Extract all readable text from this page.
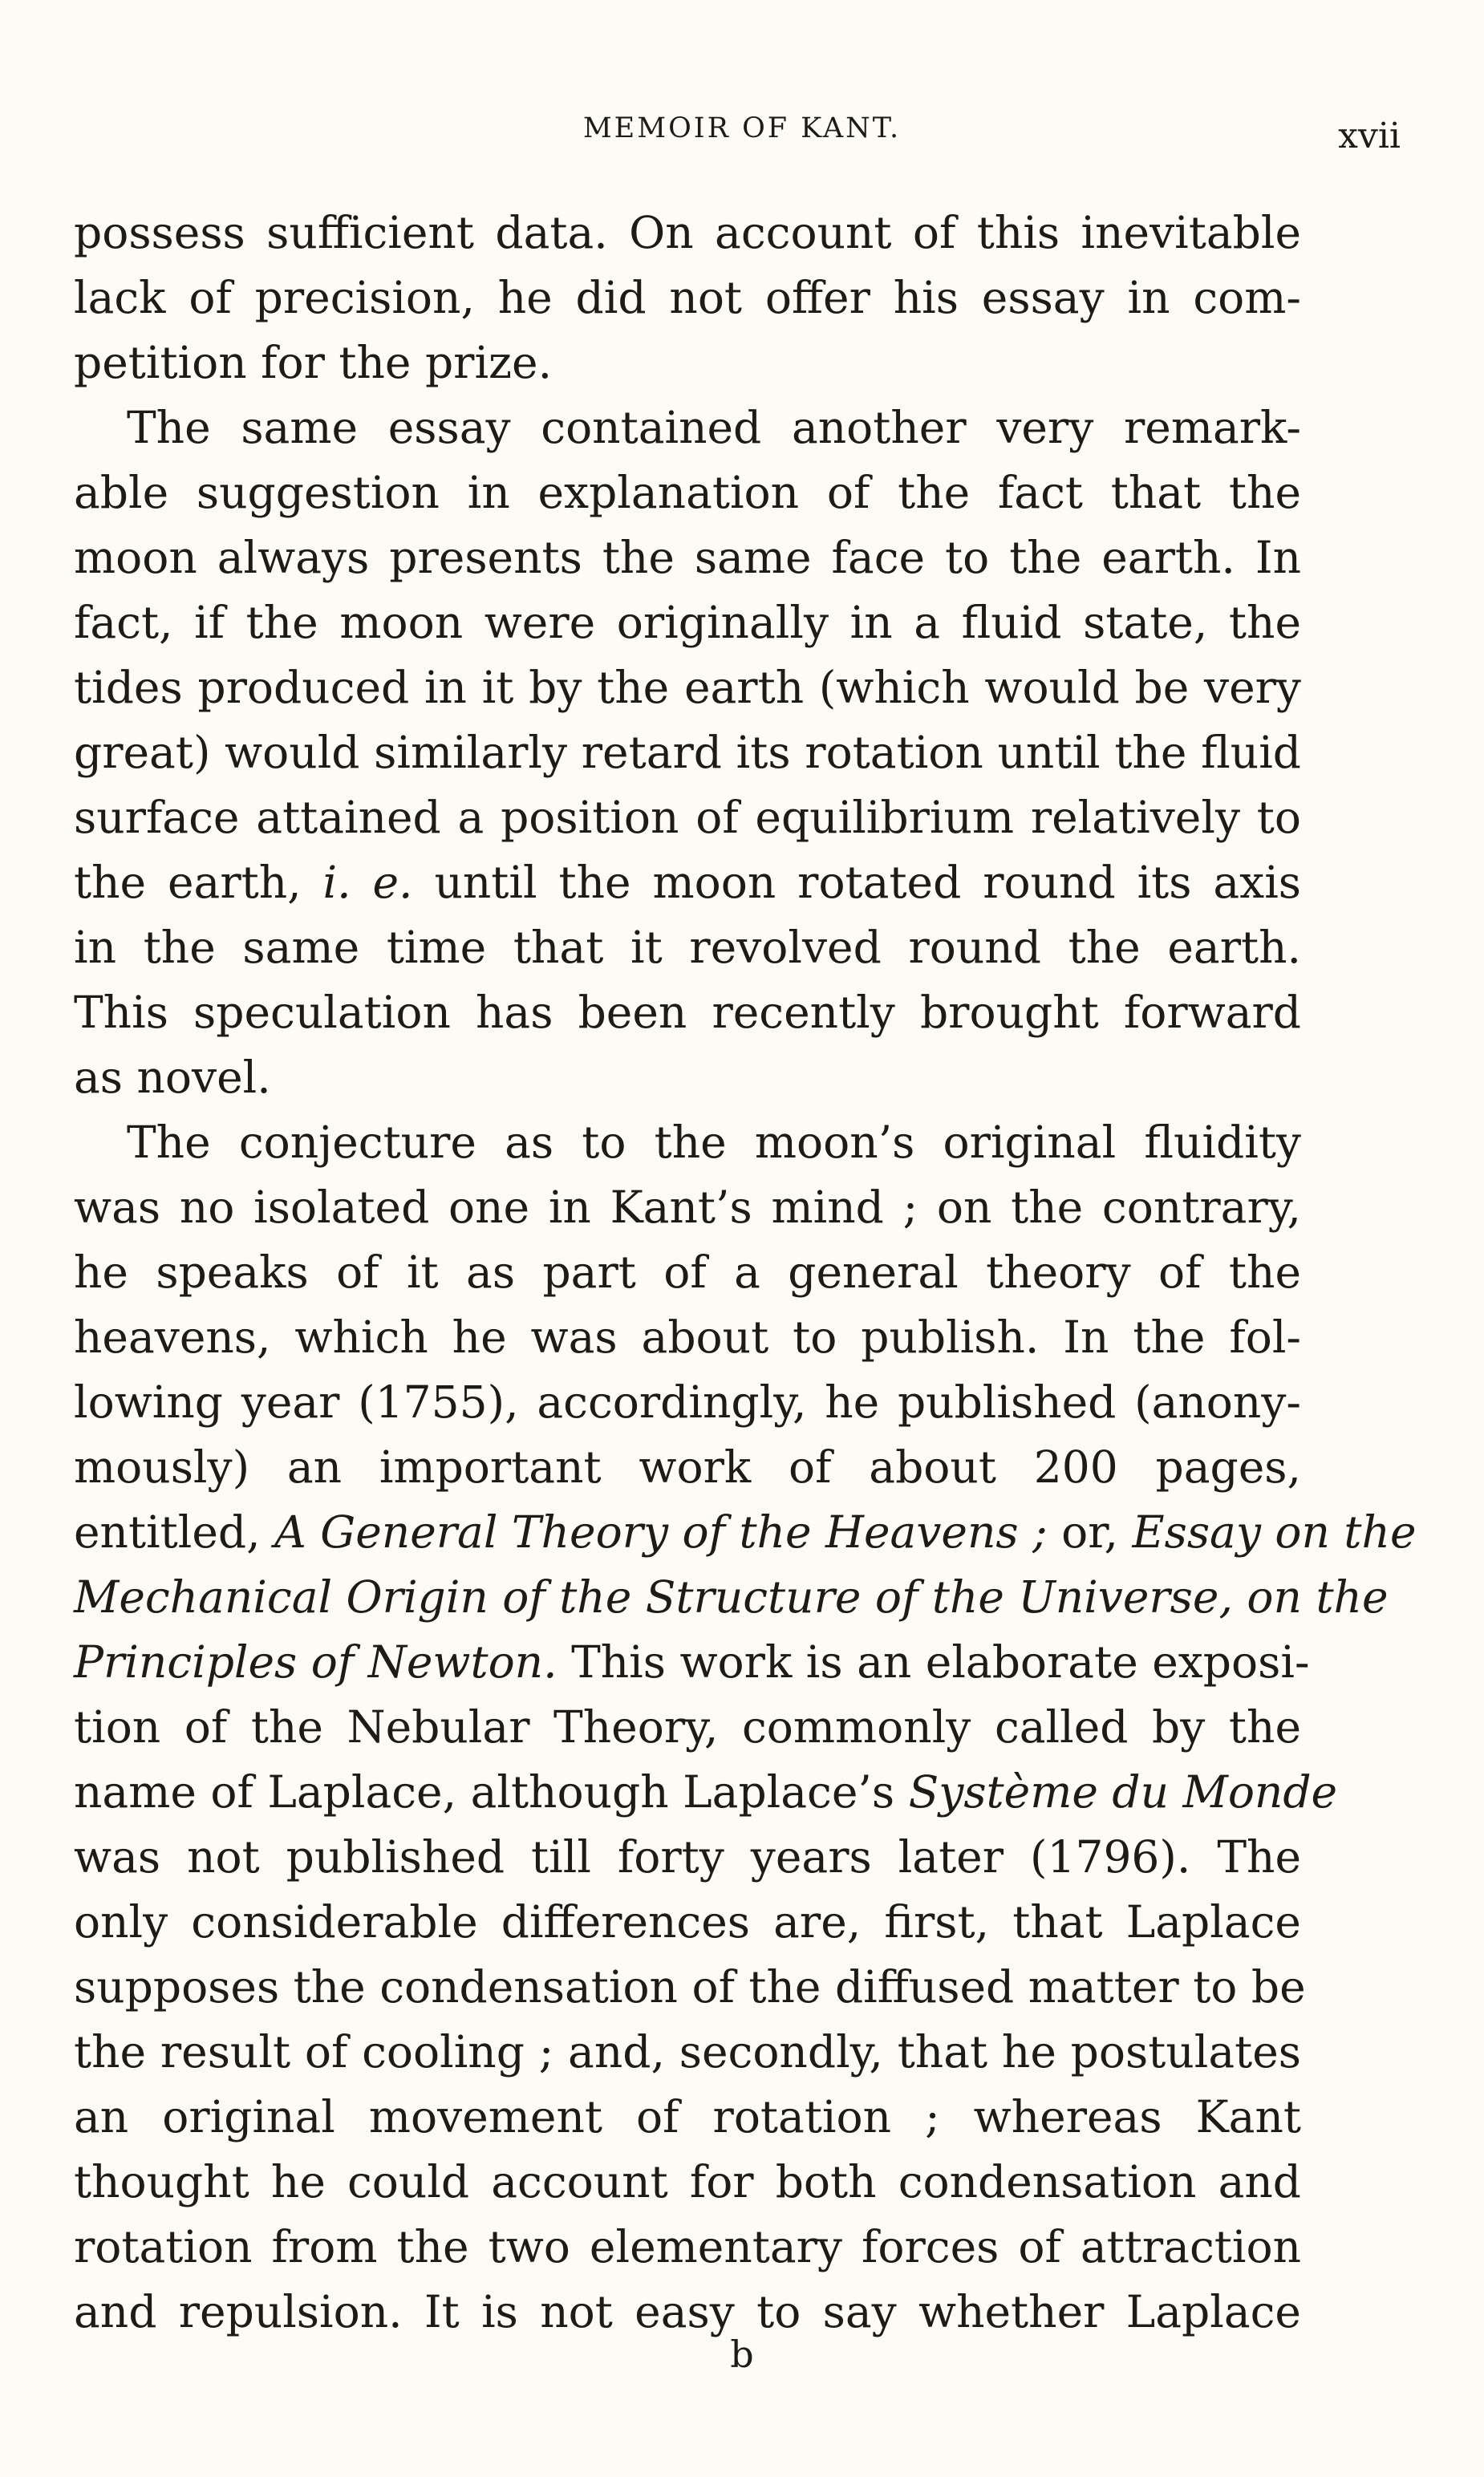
MEMOIR OF KANT.	xvii
possess sufficient data. On account of this inevitable
lack of precision, he did not offer his essay in com-
petition for the prize.
The same essay contained another very remark-
able suggestion in explanation of the fact that the
moon always presents the same face to the earth. In
fact, if the moon were originally in a fluid state, the
tides produced in it by the earth (which would be very
great) would similarly retard its rotation until the fluid
surface attained a position of equilibrium relatively to
the earth, i. e. until the moon rotated round its axis
in the same time that it revolved round the earth.
This speculation has been recently brought forward
as novel.
The conjecture as to the moon’s original fluidity
was no isolated one in Kant’s mind ; on the contrary,
he speaks of it as part of a general theory of the
heavens, which he was about to publish. In the fol-
lowing year (1755), accordingly, he published (anony-
mously) an important work of about 200 pages,
entitled, A General Theory of the Heavens ; or, Essay on the
Mechanical Origin of the Structure of the Universe, on the
Principles of Newton. This work is an elaborate exposi-
tion of the Nebular Theory, commonly called by the
name of Laplace, although Laplace’s Système du Monde
was not published till forty years later (1796). The
only considerable differences are, first, that Laplace
supposes the condensation of the diffused matter to be
the result of cooling ; and, secondly, that he postulates
an original movement of rotation ; whereas Kant
thought he could account for both condensation and
rotation from the two elementary forces of attraction
and repulsion. It is not easy to say whether Laplace
b
